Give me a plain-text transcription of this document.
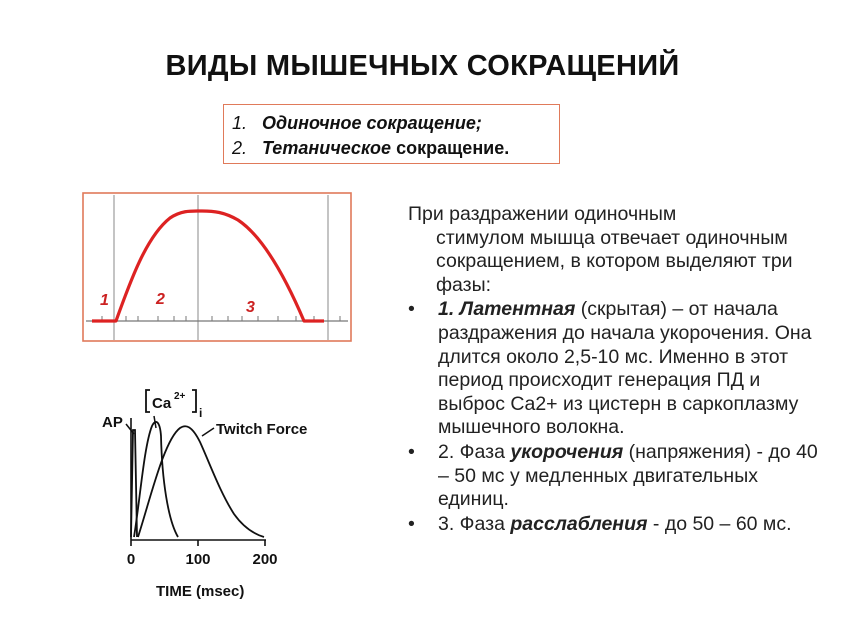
ВИДЫ МЫШЕЧНЫХ СОКРАЩЕНИЙ
1. Одиночное сокращение;
2. Тетаническое сокращение.
1	2	3
Ca 2+
i
AP	Twitch Force
0	100	200
TIME (msec)
При раздражении одиночным
стимулом мышца отвечает одиночным сокращением, в котором выделяют три фазы:
• 1. Латентная (скрытая) – от начала раздражения до начала укорочения. Она длится около 2,5-10 мс. Именно в этот период происходит генерация ПД и выброс Ca2+ из цистерн в саркоплазму мышечного волокна.
• 2. Фаза укорочения (напряжения) - до 40 – 50 мс у медленных двигательных единиц.
• 3. Фаза расслабления - до 50 – 60 мс.
